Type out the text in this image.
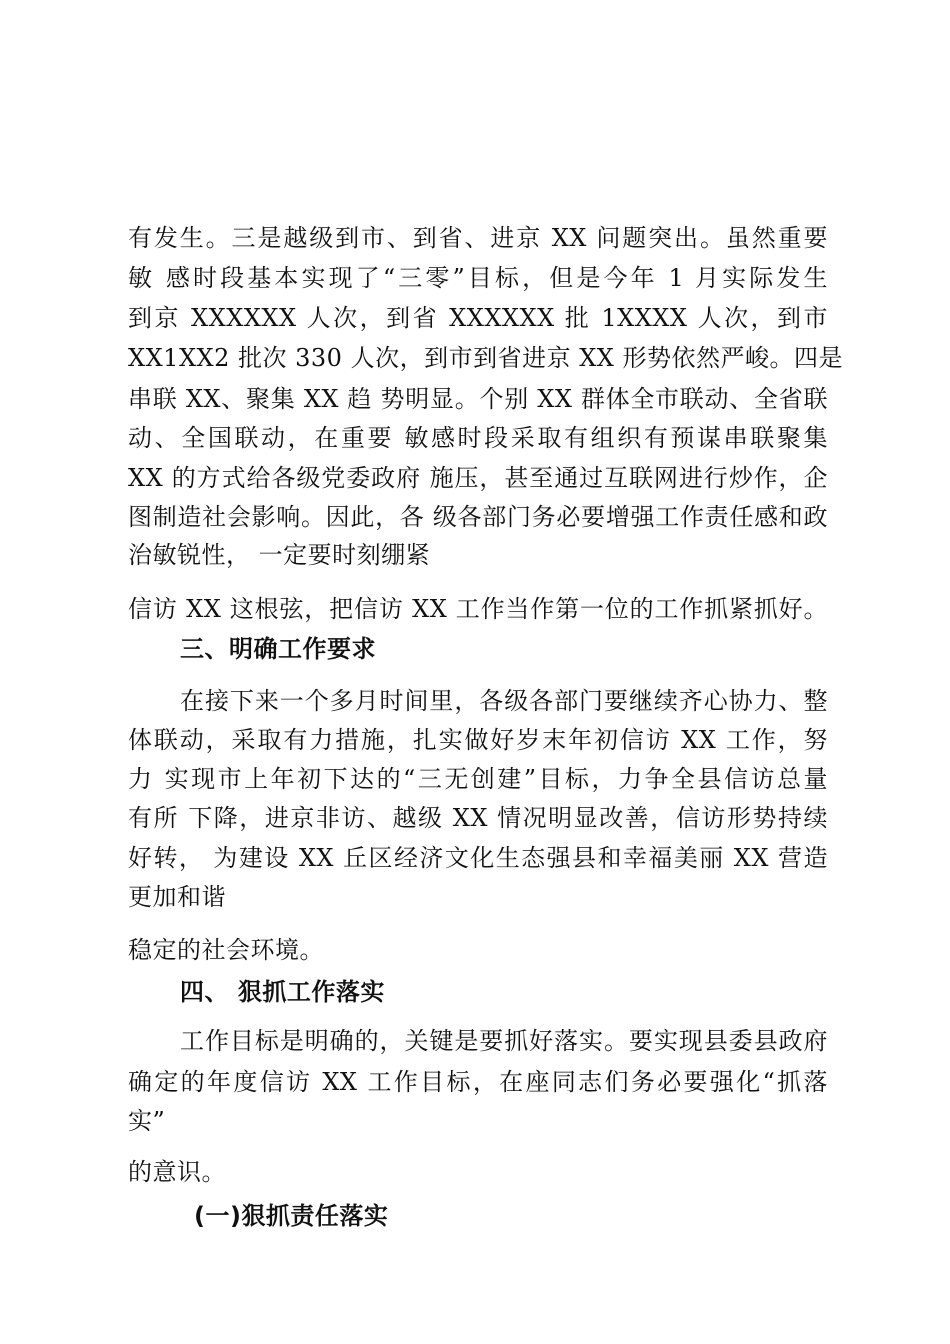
有发生。三是越级到市、到省、进京 XX 问题突出。虽然重要
敏 感时段基本实现了“三零”目标，但是今年 1 月实际发生
到京 XXXXXX 人次，到省 XXXXXX 批 1XXXX 人次，到市
XX1XX2 批次 330 人次，到市到省进京 XX 形势依然严峻。四是
串联 XX、聚集 XX 趋 势明显。个别 XX 群体全市联动、全省联
动、全国联动，在重要 敏感时段采取有组织有预谋串联聚集
XX 的方式给各级党委政府 施压，甚至通过互联网进行炒作，企
图制造社会影响。因此，各 级各部门务必要增强工作责任感和政
治敏锐性， 一定要时刻绷紧
信访 XX 这根弦，把信访 XX 工作当作第一位的工作抓紧抓好。
三、明确工作要求
在接下来一个多月时间里，各级各部门要继续齐心协力、整
体联动，采取有力措施，扎实做好岁末年初信访 XX 工作，努
力 实现市上年初下达的“三无创建”目标，力争全县信访总量
有所 下降，进京非访、越级 XX 情况明显改善，信访形势持续
好转， 为建设 XX 丘区经济文化生态强县和幸福美丽 XX 营造
更加和谐
稳定的社会环境。
四、 狠抓工作落实
工作目标是明确的，关键是要抓好落实。要实现县委县政府
确定的年度信访 XX 工作目标，在座同志们务必要强化“抓落
实”
的意识。
(一)狠抓责任落实
